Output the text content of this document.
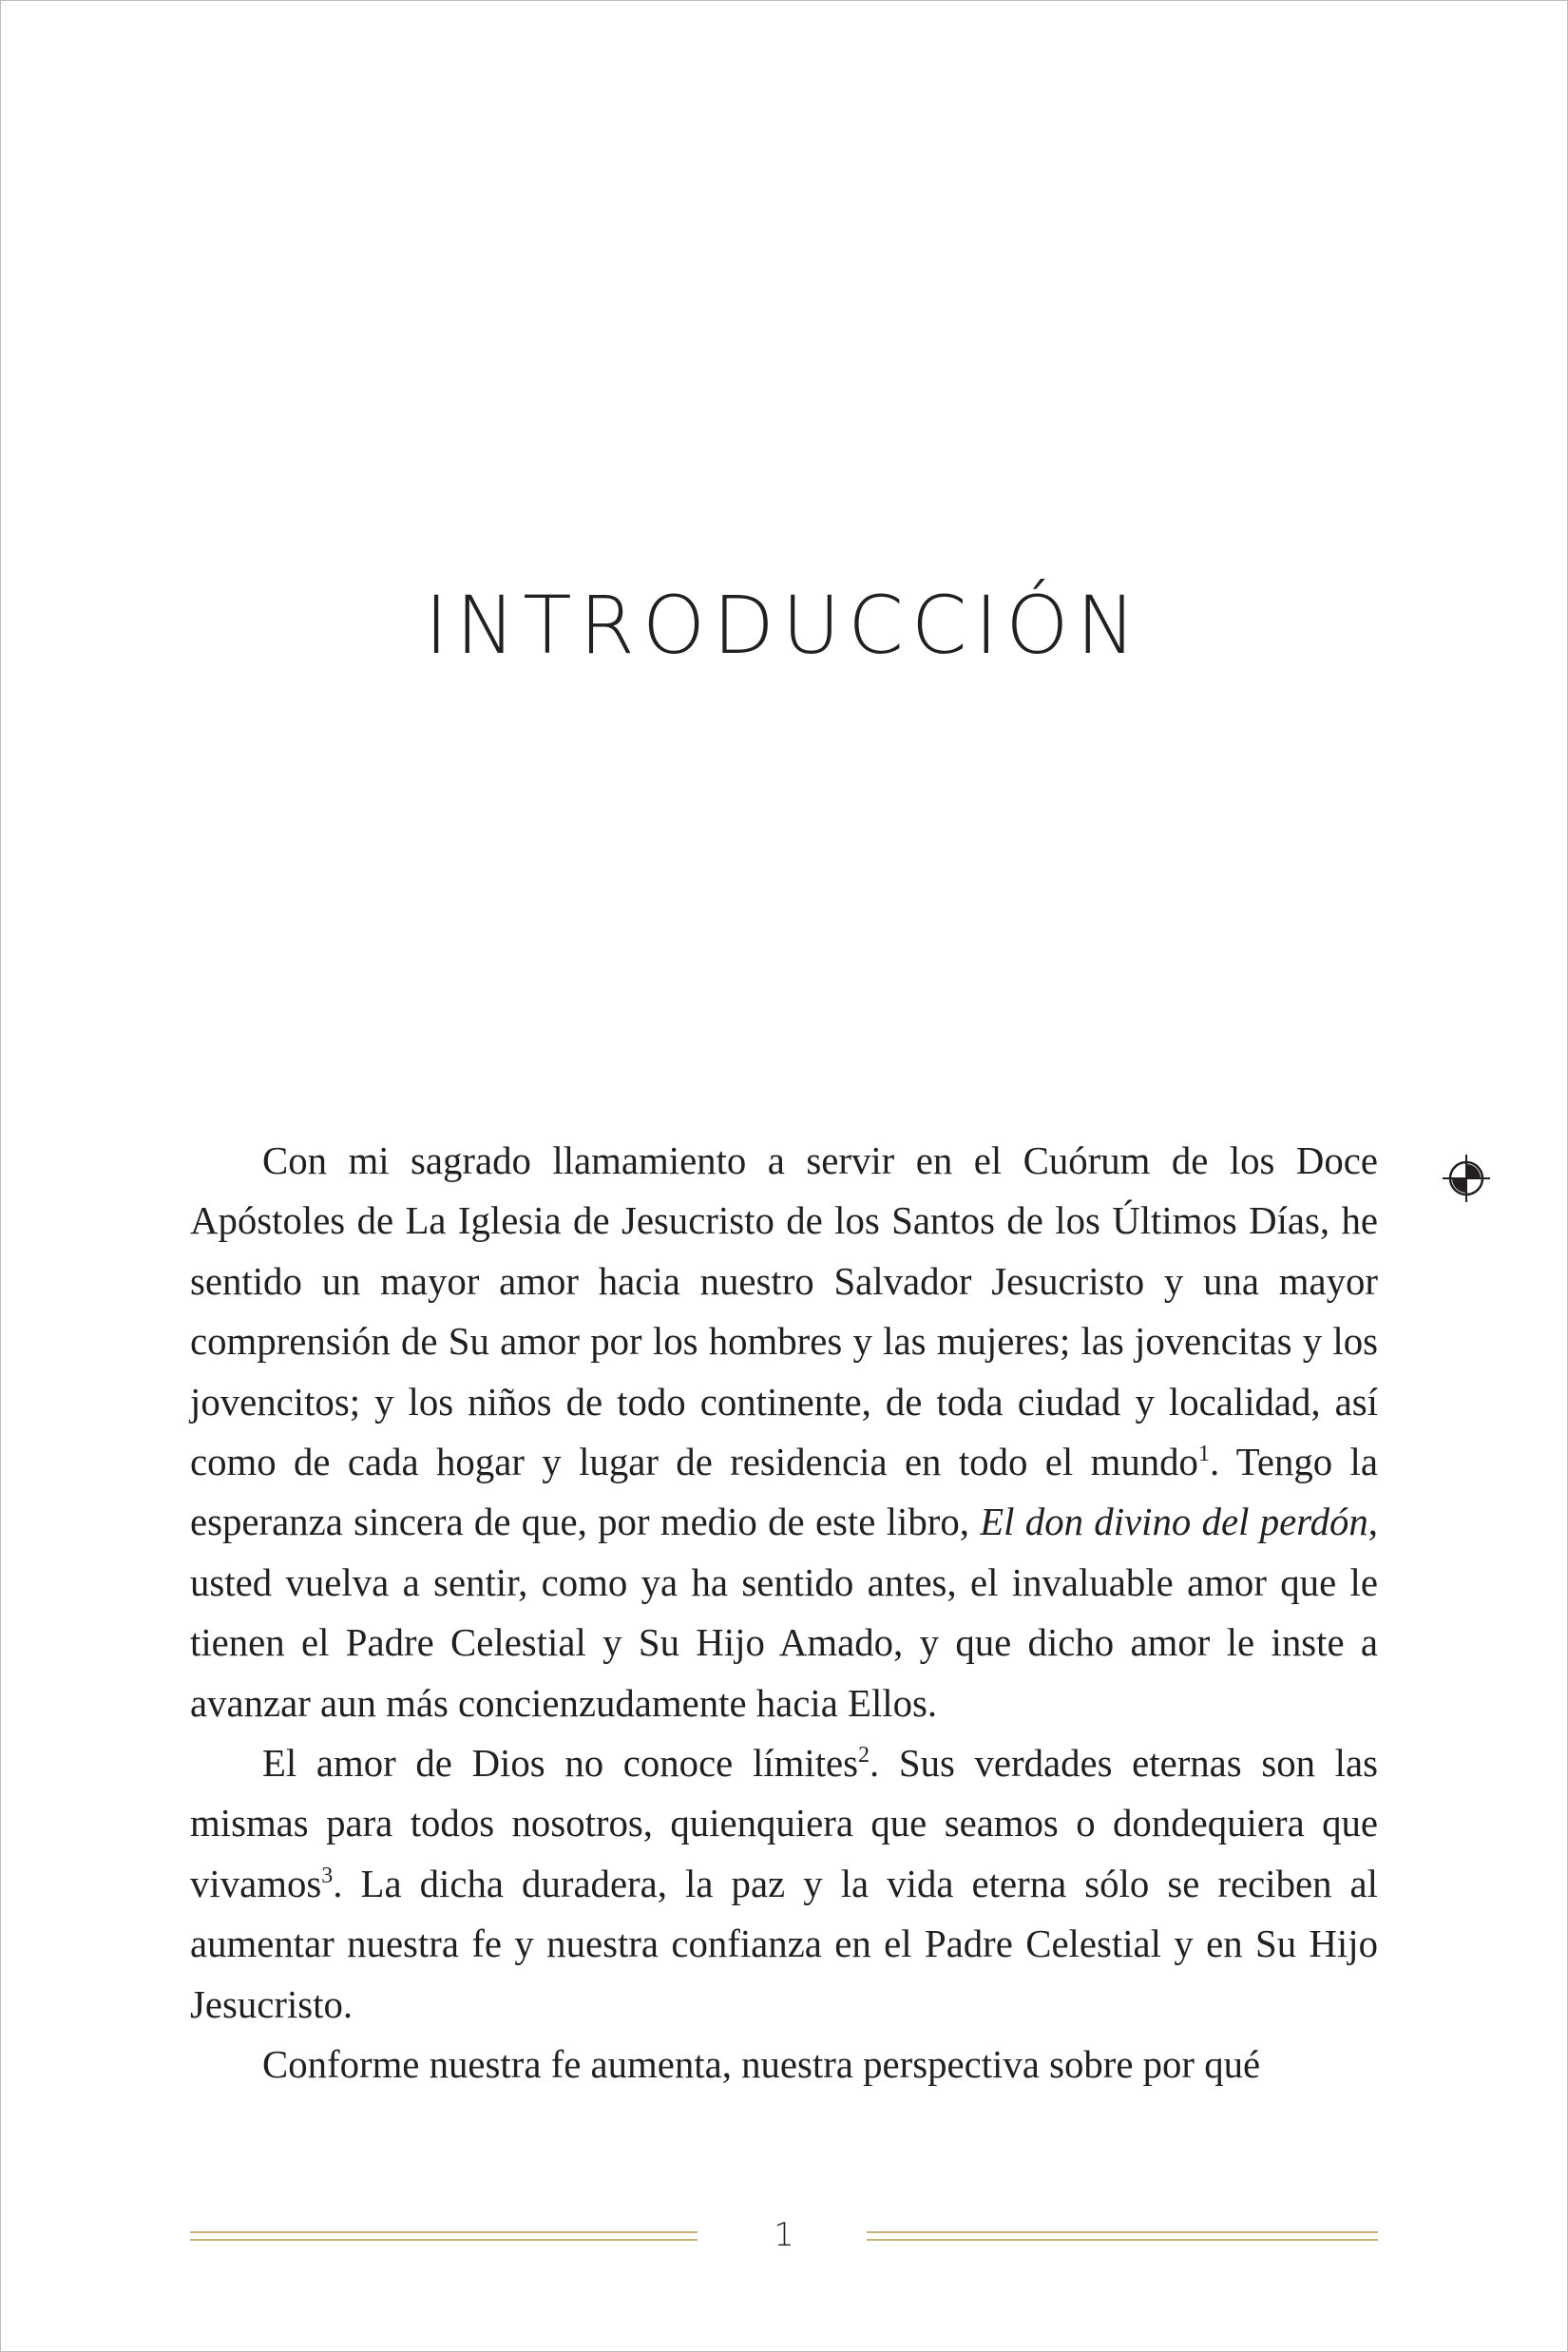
INTRODUCCIÓN

Con mi sagrado llamamiento a servir en el Cuórum de los Doce Apóstoles de La Iglesia de Jesucristo de los Santos de los Últimos Días, he sentido un mayor amor hacia nuestro Salvador Jesucristo y una mayor comprensión de Su amor por los hombres y las mujeres; las jovencitas y los jovencitos; y los niños de todo continente, de toda ciudad y localidad, así como de cada hogar y lugar de residencia en todo el mundo$^1$. Tengo la esperanza sincera de que, por medio de este libro, El don divino del perdón, usted vuelva a sentir, como ya ha sentido antes, el invaluable amor que le tienen el Padre Celestial y Su Hijo Amado, y que dicho amor le inste a avanzar aun más concienzudamente hacia Ellos.

El amor de Dios no conoce límites$^2$. Sus verdades eternas son las mismas para todos nosotros, quienquiera que seamos o dondequiera que vivamos$^3$. La dicha duradera, la paz y la vida eterna sólo se reciben al aumentar nuestra fe y nuestra confianza en el Padre Celestial y en Su Hijo Jesucristo.

Conforme nuestra fe aumenta, nuestra perspectiva sobre por qué

1
